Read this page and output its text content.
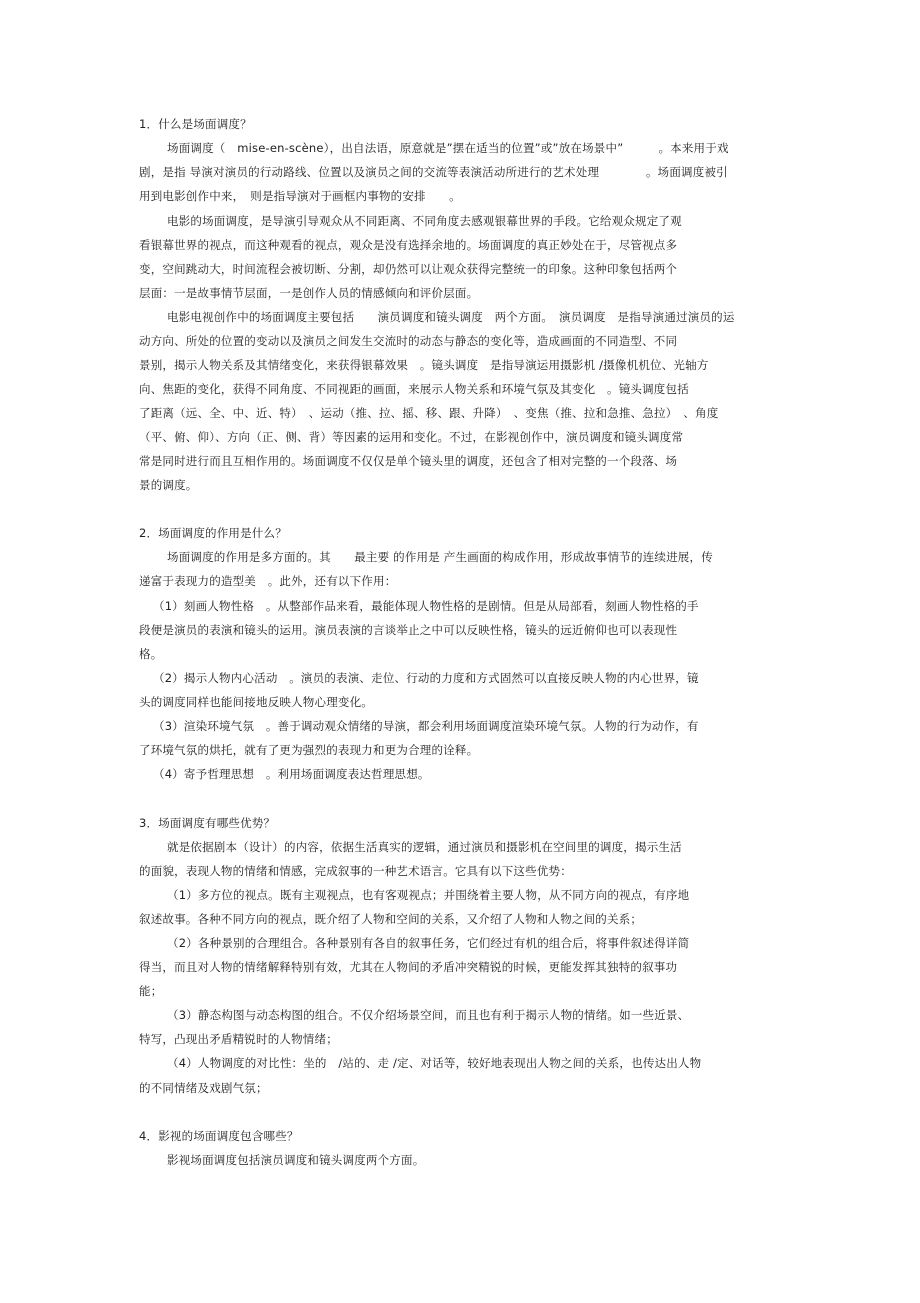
1．什么是场面调度？
场面调度（　mise-en-scène），出自法语，原意就是”摆在适当的位置”或”放在场景中”　　　。本来用于戏
剧，是指 导演对演员的行动路线、位置以及演员之间的交流等表演活动所进行的艺术处理　　　　。场面调度被引
用到电影创作中来，　则是指导演对于画框内事物的安排　　。
电影的场面调度，是导演引导观众从不同距离、不同角度去感观银幕世界的手段。它给观众规定了观
看银幕世界的视点，而这种观看的视点，观众是没有选择余地的。场面调度的真正妙处在于，尽管视点多
变，空间跳动大，时间流程会被切断、分割，却仍然可以让观众获得完整统一的印象。这种印象包括两个
层面：一是故事情节层面，一是创作人员的情感倾向和评价层面。
电影电视创作中的场面调度主要包括　　演员调度和镜头调度　两个方面。　演员调度　是指导演通过演员的运
动方向、所处的位置的变动以及演员之间发生交流时的动态与静态的变化等，造成画面的不同造型、不同
景别，揭示人物关系及其情绪变化，来获得银幕效果　。镜头调度　是指导演运用摄影机 /摄像机机位、光轴方
向、焦距的变化，获得不同角度、不同视距的画面，来展示人物关系和环境气氛及其变化　。镜头调度包括
了距离（远、全、中、近、特）　、运动（推、拉、摇、移、跟、升降）　、变焦（推、拉和急推、急拉）　、角度
（平、俯、仰）、方向（正、侧、背）等因素的运用和变化。不过，在影视创作中，演员调度和镜头调度常
常是同时进行而且互相作用的。场面调度不仅仅是单个镜头里的调度，还包含了相对完整的一个段落、场
景的调度。
2．场面调度的作用是什么？
场面调度的作用是多方面的。其　　最主要 的作用是 产生画面的构成作用，形成故事情节的连续进展，传
递富于表现力的造型美　。此外，还有以下作用：
（1）刻画人物性格　。从整部作品来看，最能体现人物性格的是剧情。但是从局部看，刻画人物性格的手
段便是演员的表演和镜头的运用。演员表演的言谈举止之中可以反映性格，镜头的远近俯仰也可以表现性
格。
（2）揭示人物内心活动　。演员的表演、走位、行动的力度和方式固然可以直接反映人物的内心世界，镜
头的调度同样也能间接地反映人物心理变化。
（3）渲染环境气氛　。善于调动观众情绪的导演，都会利用场面调度渲染环境气氛。人物的行为动作，有
了环境气氛的烘托，就有了更为强烈的表现力和更为合理的诠释。
（4）寄予哲理思想　。利用场面调度表达哲理思想。
3．场面调度有哪些优势？
就是依据剧本（设计）的内容，依据生活真实的逻辑，通过演员和摄影机在空间里的调度，揭示生活
的面貌，表现人物的情绪和情感，完成叙事的一种艺术语言。它具有以下这些优势：
（1）多方位的视点。既有主观视点，也有客观视点；并围绕着主要人物，从不同方向的视点，有序地
叙述故事。各种不同方向的视点，既介绍了人物和空间的关系，又介绍了人物和人物之间的关系；
（2）各种景别的合理组合。各种景别有各自的叙事任务，它们经过有机的组合后，将事件叙述得详简
得当，而且对人物的情绪解释特别有效，尤其在人物间的矛盾冲突精锐的时候，更能发挥其独特的叙事功
能；
（3）静态构图与动态构图的组合。不仅介绍场景空间，而且也有利于揭示人物的情绪。如一些近景、
特写，凸现出矛盾精锐时的人物情绪；
（4）人物调度的对比性：坐的　/站的、走 /定、对话等，较好地表现出人物之间的关系，也传达出人物
的不同情绪及戏剧气氛；
4．影视的场面调度包含哪些？
影视场面调度包括演员调度和镜头调度两个方面。
